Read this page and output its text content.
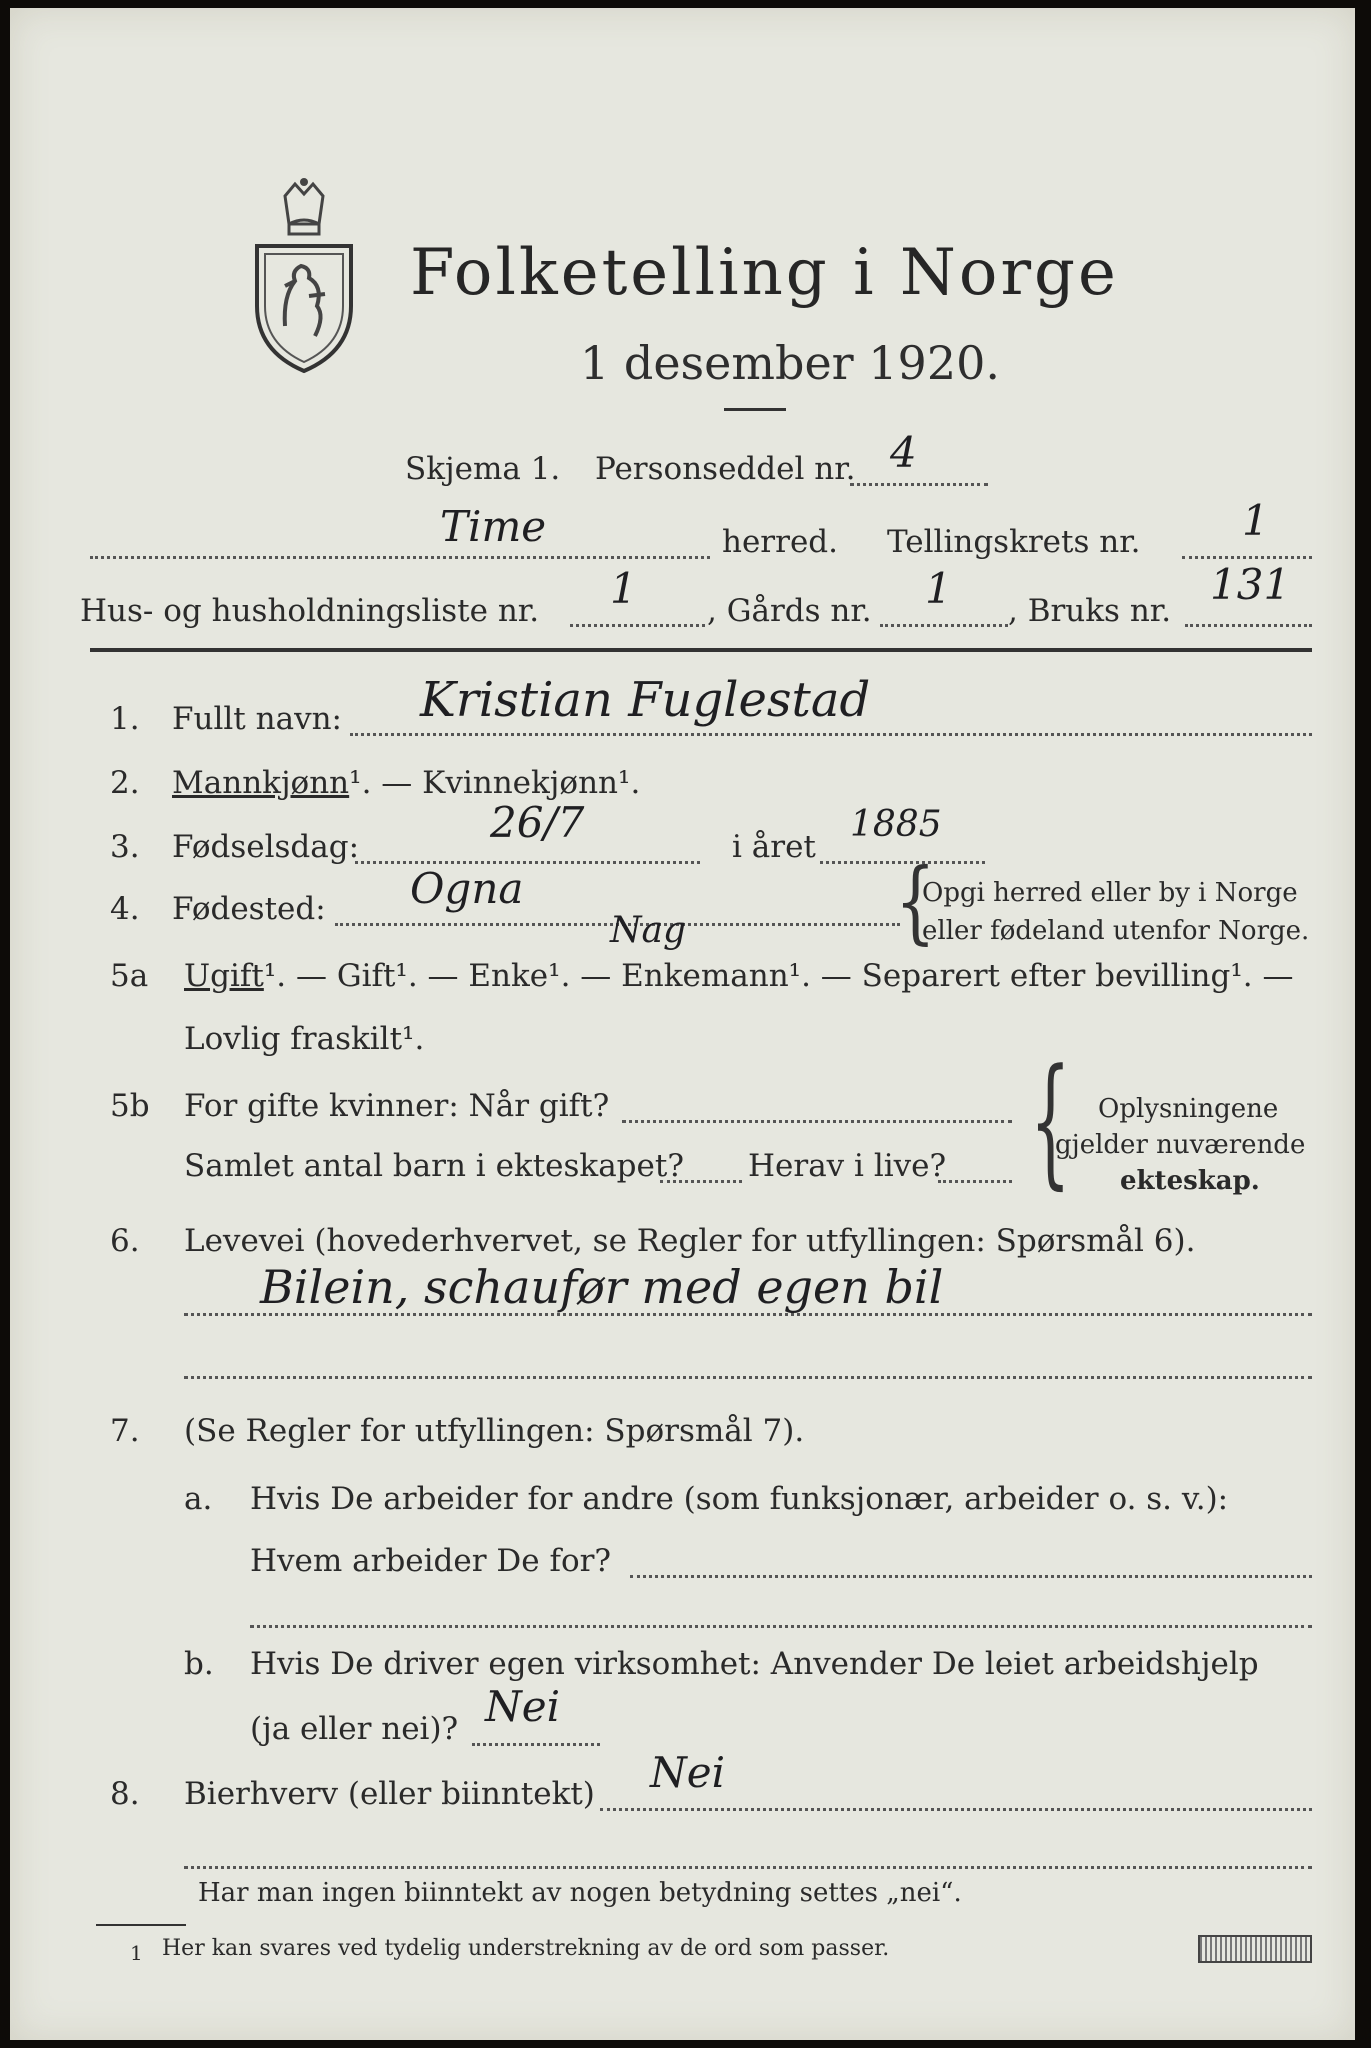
Folketelling i Norge
1 desember 1920.
Skjema 1. Personseddel nr. 4
Time	herred. Tellingskrets nr. 1
Hus- og husholdningsliste nr. 1 , Gårds nr. 1 , Bruks nr.
131
1. Fullt navn: Kristian Fuglestad
2. Mannkjønn¹. — Kvinnekjønn¹.
3. Fødselsdag:	26/7	i året
1885
4. Fødested: Ogna
Nag	{
Opgi herred eller by i Norge
eller fødeland utenfor Norge.
5a Ugift¹. — Gift¹. — Enke¹. — Enkemann¹. — Separert efter bevilling¹. —
Lovlig fraskilt¹.
5b For gifte kvinner: Når gift?
Samlet antal barn i ekteskapet? Herav i live? { Oplysningene
gjelder nuværende
ekteskap.
6. Levevei (hovederhvervet, se Regler for utfyllingen: Spørsmål 6).
Bilein, schaufør med egen bil
7. (Se Regler for utfyllingen: Spørsmål 7).
a. Hvis De arbeider for andre (som funksjonær, arbeider o. s. v.):
Hvem arbeider De for?
b. Hvis De driver egen virksomhet: Anvender De leiet arbeidshjelp
(ja eller nei)? Nei
8. Bierhverv (eller biinntekt) Nei
Har man ingen biinntekt av nogen betydning settes „nei“.
1 Her kan svares ved tydelig understrekning av de ord som passer.
